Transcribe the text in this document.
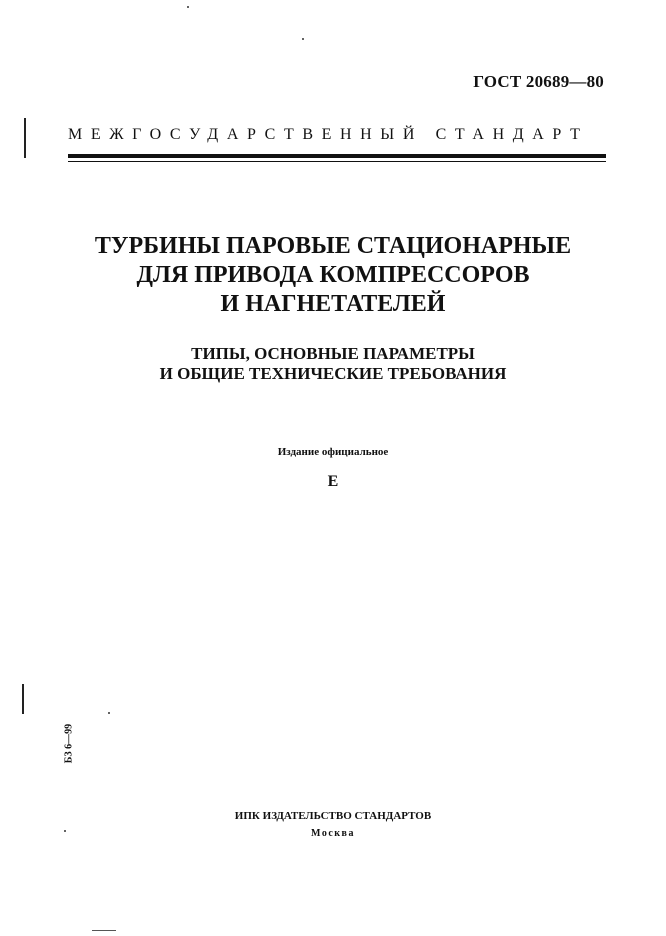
ГОСТ 20689—80
МЕЖГОСУДАРСТВЕННЫЙ СТАНДАРТ
ТУРБИНЫ ПАРОВЫЕ СТАЦИОНАРНЫЕ
ДЛЯ ПРИВОДА КОМПРЕССОРОВ
И НАГНЕТАТЕЛЕЙ
ТИПЫ, ОСНОВНЫЕ ПАРАМЕТРЫ
И ОБЩИЕ ТЕХНИЧЕСКИЕ ТРЕБОВАНИЯ
Издание официальное
Е
БЗ 6—99
ИПК ИЗДАТЕЛЬСТВО СТАНДАРТОВ
Москва
